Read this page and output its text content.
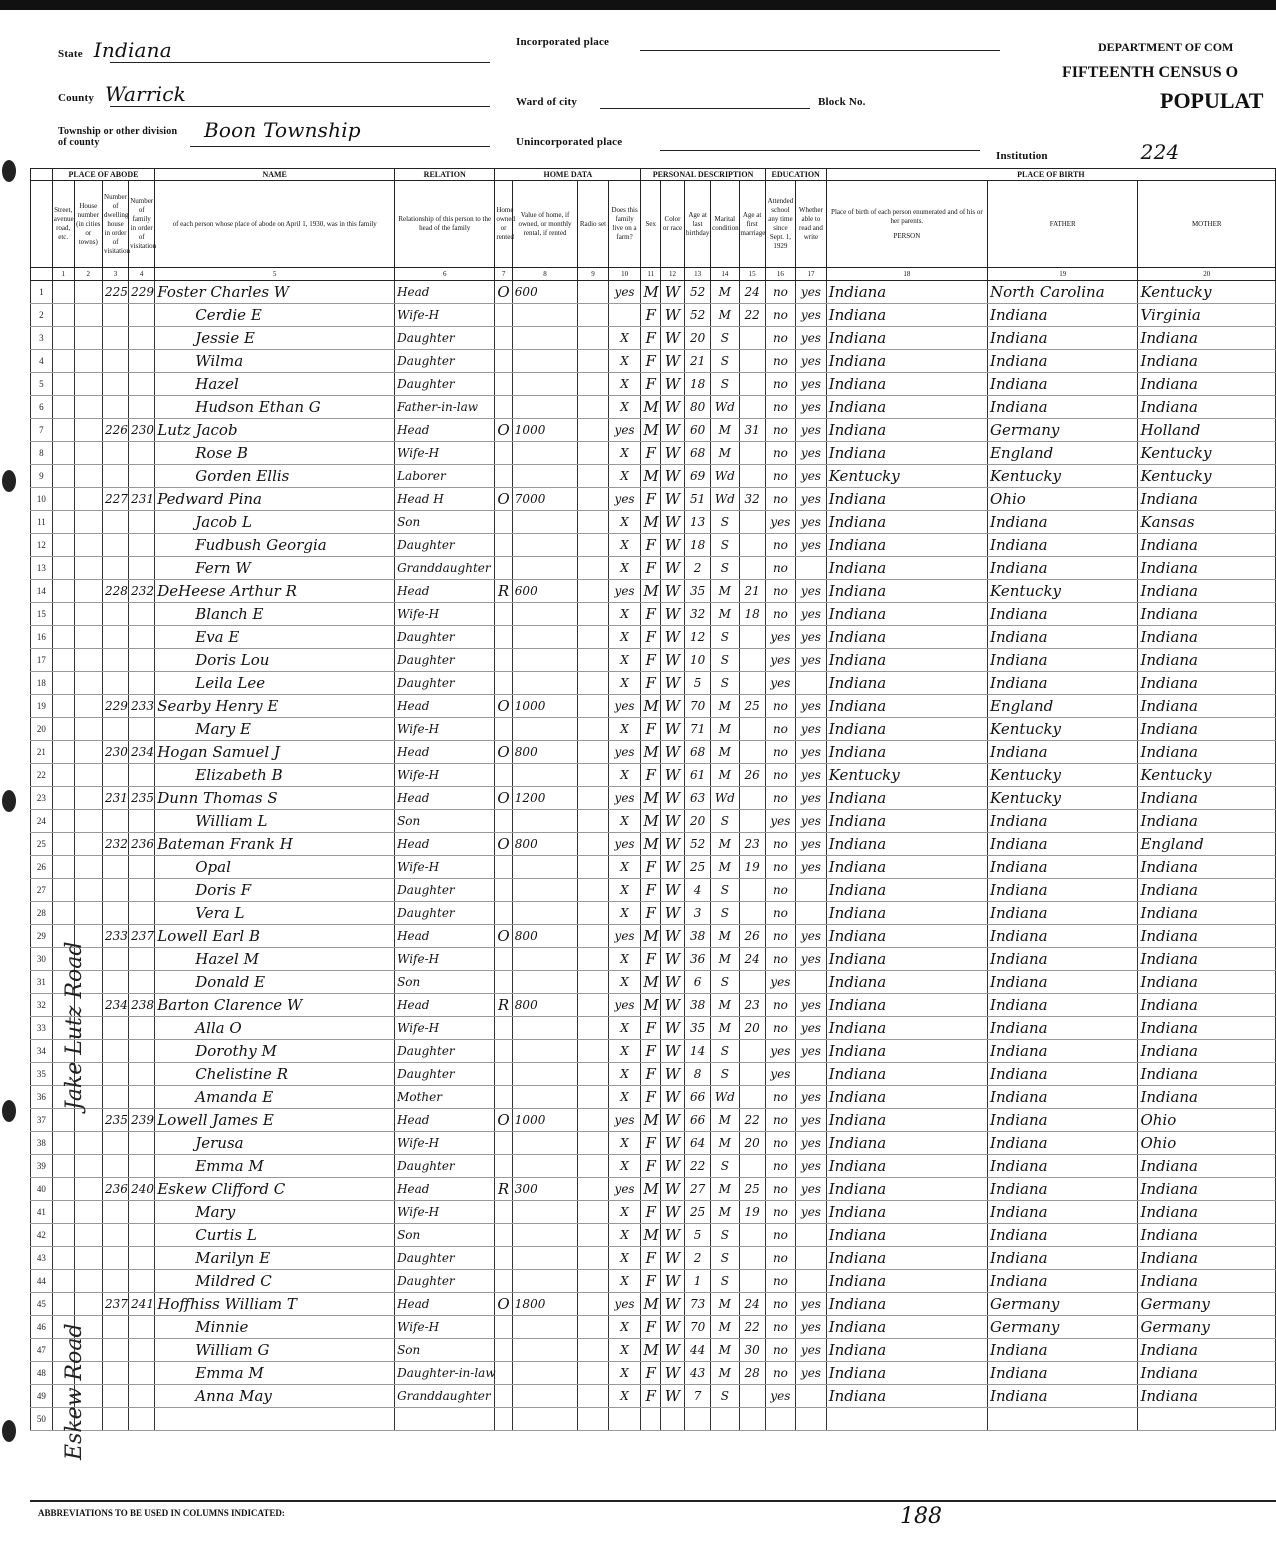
State Indiana
County Warrick
Township or other division of county
Boon Township
Incorporated place
Ward of city	Block No.
Unincorporated place
Institution	224
DEPARTMENT OF COM
FIFTEENTH CENSUS O
POPULAT
	PLACE OF ABODE				NAME	RELATION	HOME DATA				PERSONAL DESCRIPTION					EDUCATION		PLACE OF BIRTH		
	Street, avenue, road, etc.	House number (in cities or towns)	Number of dwelling house in order of visitation	Number of family in order of visitation	of each person whose place of abode on April 1, 1930, was in this family	Relationship of this person to the head of the family	Home owned or rented	Value of home, if owned, or monthly rental, if rented	Radio set	Does this family live on a farm?	Sex	Color or race	Age at last birthday	Marital condition	Age at first marriage	Attended school any time since Sept. 1, 1929	Whether able to read and write	Place of birth of each person enumerated and of his or her parents.
PERSON	FATHER	MOTHER
	1	2	3	4	5	6	7	8	9	10	11	12	13	14	15	16	17	18	19	20
1			225	229	Foster Charles W	Head	O	600		yes	M	W	52	M	24	no	yes	Indiana	North Carolina	Kentucky
2					Cerdie E	Wife-H					F	W	52	M	22	no	yes	Indiana	Indiana	Virginia
3					Jessie E	Daughter				X	F	W	20	S		no	yes	Indiana	Indiana	Indiana
4					Wilma	Daughter				X	F	W	21	S		no	yes	Indiana	Indiana	Indiana
5					Hazel	Daughter				X	F	W	18	S		no	yes	Indiana	Indiana	Indiana
6					Hudson Ethan G	Father-in-law				X	M	W	80	Wd		no	yes	Indiana	Indiana	Indiana
7			226	230	Lutz Jacob	Head	O	1000		yes	M	W	60	M	31	no	yes	Indiana	Germany	Holland
8					Rose B	Wife-H				X	F	W	68	M		no	yes	Indiana	England	Kentucky
9					Gorden Ellis	Laborer				X	M	W	69	Wd		no	yes	Kentucky	Kentucky	Kentucky
10			227	231	Pedward Pina	Head H	O	7000		yes	F	W	51	Wd	32	no	yes	Indiana	Ohio	Indiana
11					Jacob L	Son				X	M	W	13	S		yes	yes	Indiana	Indiana	Kansas
12					Fudbush Georgia	Daughter				X	F	W	18	S		no	yes	Indiana	Indiana	Indiana
13					Fern W	Granddaughter				X	F	W	2	S		no		Indiana	Indiana	Indiana
14			228	232	DeHeese Arthur R	Head	R	600		yes	M	W	35	M	21	no	yes	Indiana	Kentucky	Indiana
15					Blanch E	Wife-H				X	F	W	32	M	18	no	yes	Indiana	Indiana	Indiana
16					Eva E	Daughter				X	F	W	12	S		yes	yes	Indiana	Indiana	Indiana
17					Doris Lou	Daughter				X	F	W	10	S		yes	yes	Indiana	Indiana	Indiana
18					Leila Lee	Daughter				X	F	W	5	S		yes		Indiana	Indiana	Indiana
19			229	233	Searby Henry E	Head	O	1000		yes	M	W	70	M	25	no	yes	Indiana	England	Indiana
20					Mary E	Wife-H				X	F	W	71	M		no	yes	Indiana	Kentucky	Indiana
21			230	234	Hogan Samuel J	Head	O	800		yes	M	W	68	M		no	yes	Indiana	Indiana	Indiana
22					Elizabeth B	Wife-H				X	F	W	61	M	26	no	yes	Kentucky	Kentucky	Kentucky
23			231	235	Dunn Thomas S	Head	O	1200		yes	M	W	63	Wd		no	yes	Indiana	Kentucky	Indiana
24					William L	Son				X	M	W	20	S		yes	yes	Indiana	Indiana	Indiana
25			232	236	Bateman Frank H	Head	O	800		yes	M	W	52	M	23	no	yes	Indiana	Indiana	England
26					Opal	Wife-H				X	F	W	25	M	19	no	yes	Indiana	Indiana	Indiana
27					Doris F	Daughter				X	F	W	4	S		no		Indiana	Indiana	Indiana
28					Vera L	Daughter				X	F	W	3	S		no		Indiana	Indiana	Indiana
29			233	237	Lowell Earl B	Head	O	800		yes	M	W	38	M	26	no	yes	Indiana	Indiana	Indiana
30					Hazel M	Wife-H				X	F	W	36	M	24	no	yes	Indiana	Indiana	Indiana
31					Donald E	Son				X	M	W	6	S		yes		Indiana	Indiana	Indiana
32			234	238	Barton Clarence W	Head	R	800		yes	M	W	38	M	23	no	yes	Indiana	Indiana	Indiana
33					Alla O	Wife-H				X	F	W	35	M	20	no	yes	Indiana	Indiana	Indiana
34					Dorothy M	Daughter				X	F	W	14	S		yes	yes	Indiana	Indiana	Indiana
35					Chelistine R	Daughter				X	F	W	8	S		yes		Indiana	Indiana	Indiana
36					Amanda E	Mother				X	F	W	66	Wd		no	yes	Indiana	Indiana	Indiana
37			235	239	Lowell James E	Head	O	1000		yes	M	W	66	M	22	no	yes	Indiana	Indiana	Ohio
38					Jerusa	Wife-H				X	F	W	64	M	20	no	yes	Indiana	Indiana	Ohio
39					Emma M	Daughter				X	F	W	22	S		no	yes	Indiana	Indiana	Indiana
40			236	240	Eskew Clifford C	Head	R	300		yes	M	W	27	M	25	no	yes	Indiana	Indiana	Indiana
41					Mary	Wife-H				X	F	W	25	M	19	no	yes	Indiana	Indiana	Indiana
42					Curtis L	Son				X	M	W	5	S		no		Indiana	Indiana	Indiana
43					Marilyn E	Daughter				X	F	W	2	S		no		Indiana	Indiana	Indiana
44					Mildred C	Daughter				X	F	W	1	S		no		Indiana	Indiana	Indiana
45			237	241	Hoffhiss William T	Head	O	1800		yes	M	W	73	M	24	no	yes	Indiana	Germany	Germany
46					Minnie	Wife-H				X	F	W	70	M	22	no	yes	Indiana	Germany	Germany
47					William G	Son				X	M	W	44	M	30	no	yes	Indiana	Indiana	Indiana
48					Emma M	Daughter-in-law				X	F	W	43	M	28	no	yes	Indiana	Indiana	Indiana
49					Anna May	Granddaughter				X	F	W	7	S		yes		Indiana	Indiana	Indiana
50																				
Jake Lutz Road
Eskew Road
ABBREVIATIONS TO BE USED IN COLUMNS INDICATED:	188
